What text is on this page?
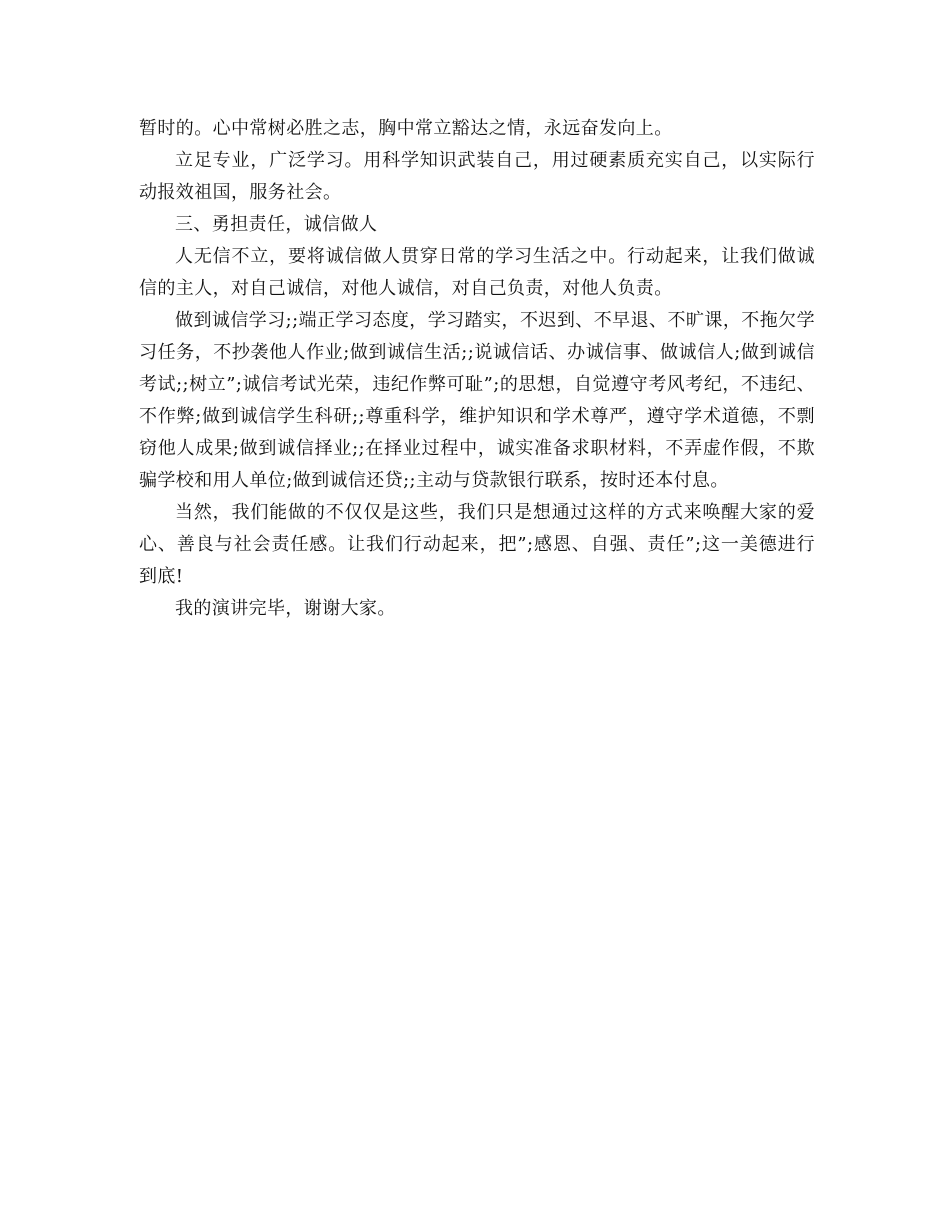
暂时的。心中常树必胜之志，胸中常立豁达之情，永远奋发向上。

立足专业，广泛学习。用科学知识武装自己，用过硬素质充实自己，以实际行动报效祖国，服务社会。

三、勇担责任，诚信做人

人无信不立，要将诚信做人贯穿日常的学习生活之中。行动起来，让我们做诚信的主人，对自己诚信，对他人诚信，对自己负责，对他人负责。

做到诚信学习;;端正学习态度，学习踏实，不迟到、不早退、不旷课，不拖欠学习任务，不抄袭他人作业;做到诚信生活;;说诚信话、办诚信事、做诚信人;做到诚信考试;;树立”;诚信考试光荣，违纪作弊可耻”;的思想，自觉遵守考风考纪，不违纪、不作弊;做到诚信学生科研;;尊重科学，维护知识和学术尊严，遵守学术道德，不剽窃他人成果;做到诚信择业;;在择业过程中，诚实准备求职材料，不弄虚作假，不欺骗学校和用人单位;做到诚信还贷;;主动与贷款银行联系，按时还本付息。

当然，我们能做的不仅仅是这些，我们只是想通过这样的方式来唤醒大家的爱心、善良与社会责任感。让我们行动起来，把”;感恩、自强、责任”;这一美德进行到底!

我的演讲完毕，谢谢大家。
